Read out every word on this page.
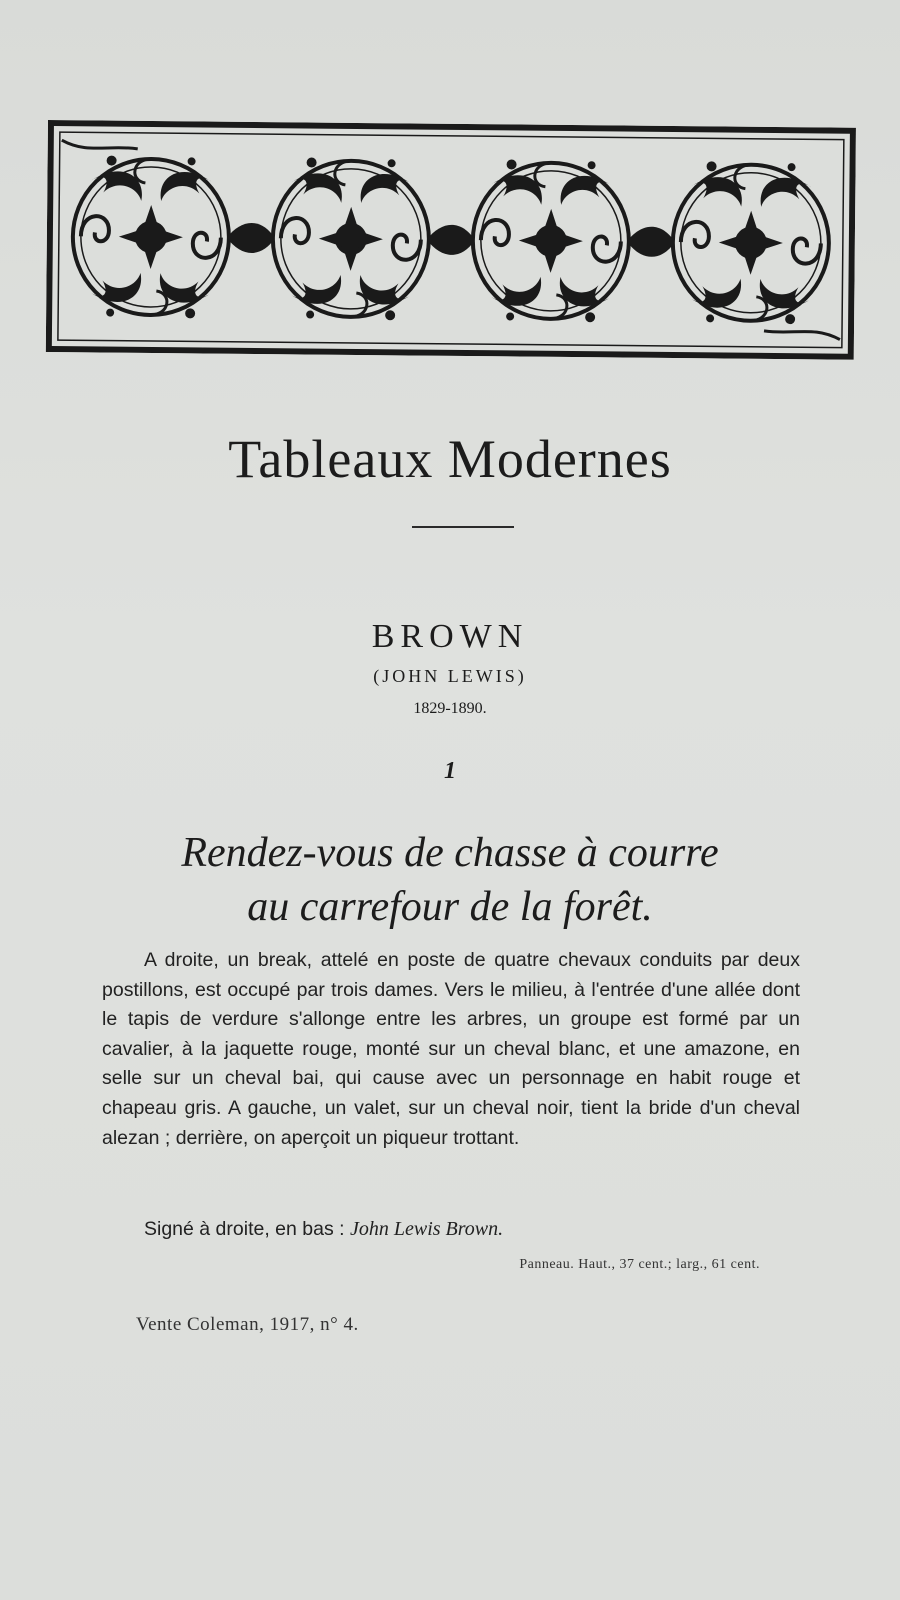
Tableaux Modernes
BROWN
(JOHN LEWIS)
1829-1890.
1
Rendez-vous de chasse à courre
au carrefour de la forêt.
A droite, un break, attelé en poste de quatre chevaux conduits par deux postillons, est occupé par trois dames. Vers le milieu, à l'entrée d'une allée dont le tapis de verdure s'allonge entre les arbres, un groupe est formé par un cavalier, à la jaquette rouge, monté sur un cheval blanc, et une amazone, en selle sur un cheval bai, qui cause avec un personnage en habit rouge et chapeau gris. A gauche, un valet, sur un cheval noir, tient la bride d'un cheval alezan ; derrière, on aperçoit un piqueur trottant.
Signé à droite, en bas : John Lewis Brown.
Panneau. Haut., 37 cent.; larg., 61 cent.
Vente Coleman, 1917, n° 4.
